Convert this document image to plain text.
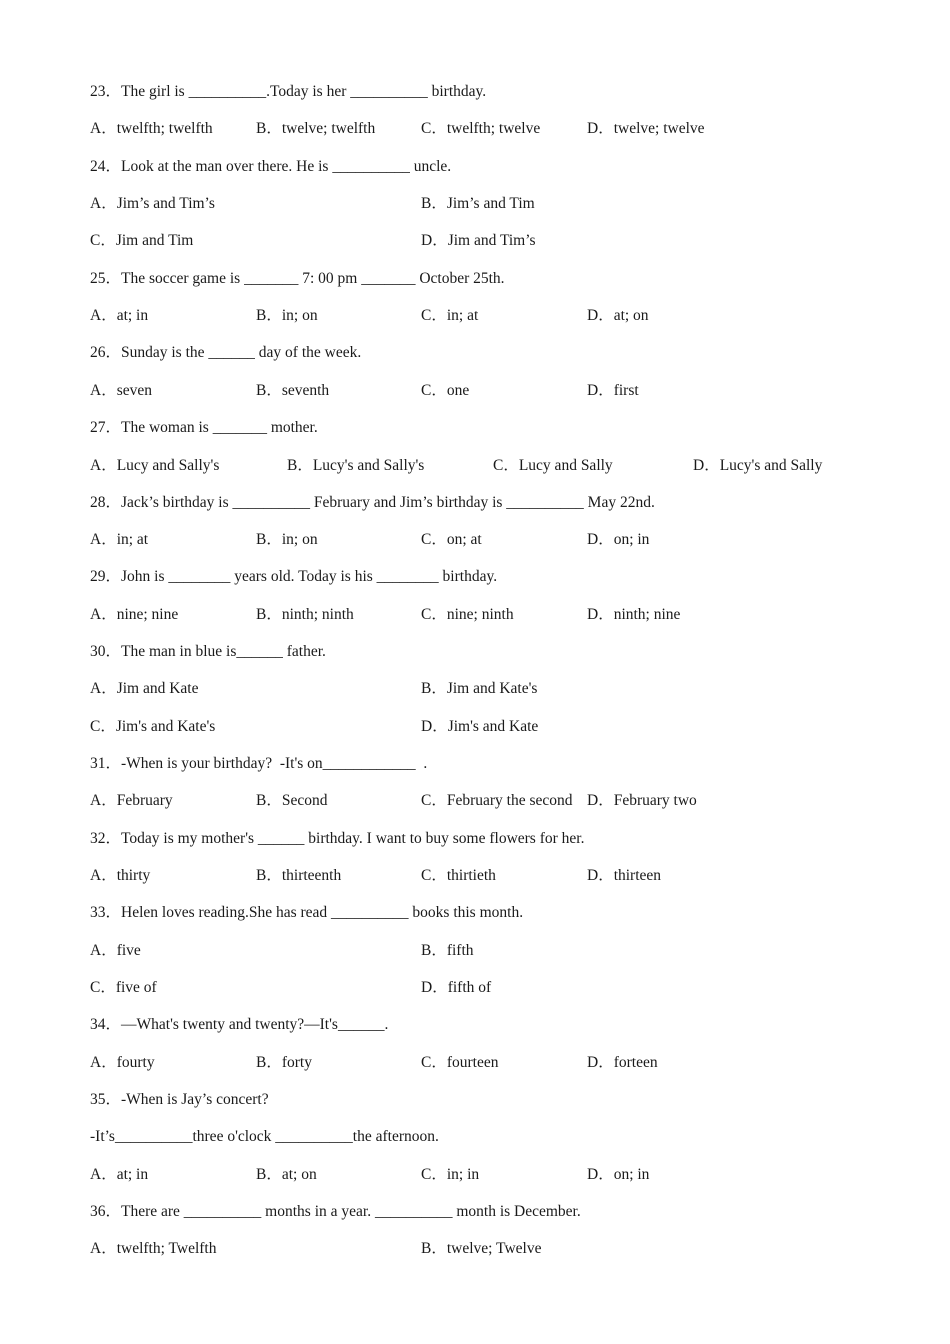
23．The girl is __________.Today is her __________ birthday.
A．twelfth; twelfth	B．twelve; twelfth	C．twelfth; twelve	D．twelve; twelve
24．Look at the man over there. He is __________ uncle.
A．Jim’s and Tim’s	B．Jim’s and Tim
C．Jim and Tim	D．Jim and Tim’s
25．The soccer game is _______ 7: 00 pm _______ October 25th.
A．at; in	B．in; on	C．in; at	D．at; on
26．Sunday is the ______ day of the week.
A．seven	B．seventh	C．one	D．first
27．The woman is _______ mother.
A．Lucy and Sally's	B．Lucy's and Sally's	C．Lucy and Sally	D．Lucy's and Sally
28．Jack’s birthday is __________ February and Jim’s birthday is __________ May 22nd.
A．in; at	B．in; on	C．on; at	D．on; in
29．John is ________ years old. Today is his ________ birthday.
A．nine; nine	B．ninth; ninth	C．nine; ninth	D．ninth; nine
30．The man in blue is______ father.
A．Jim and Kate	B．Jim and Kate's
C．Jim's and Kate's	D．Jim's and Kate
31．-When is your birthday?  -It's on____________  .
A．February	B．Second	C．February the second D．February two
32．Today is my mother's ______ birthday. I want to buy some flowers for her.
A．thirty	B．thirteenth	C．thirtieth	D．thirteen
33．Helen loves reading.She has read __________ books this month.
A．five	B．fifth
C．five of	D．fifth of
34．—What's twenty and twenty?—It's______.
A．fourty	B．forty	C．fourteen	D．forteen
35．-When is Jay’s concert?
-It’s__________three o'clock __________the afternoon.
A．at; in	B．at; on	C．in; in	D．on; in
36．There are __________ months in a year. __________ month is December.
A．twelfth; Twelfth	B．twelve; Twelve
